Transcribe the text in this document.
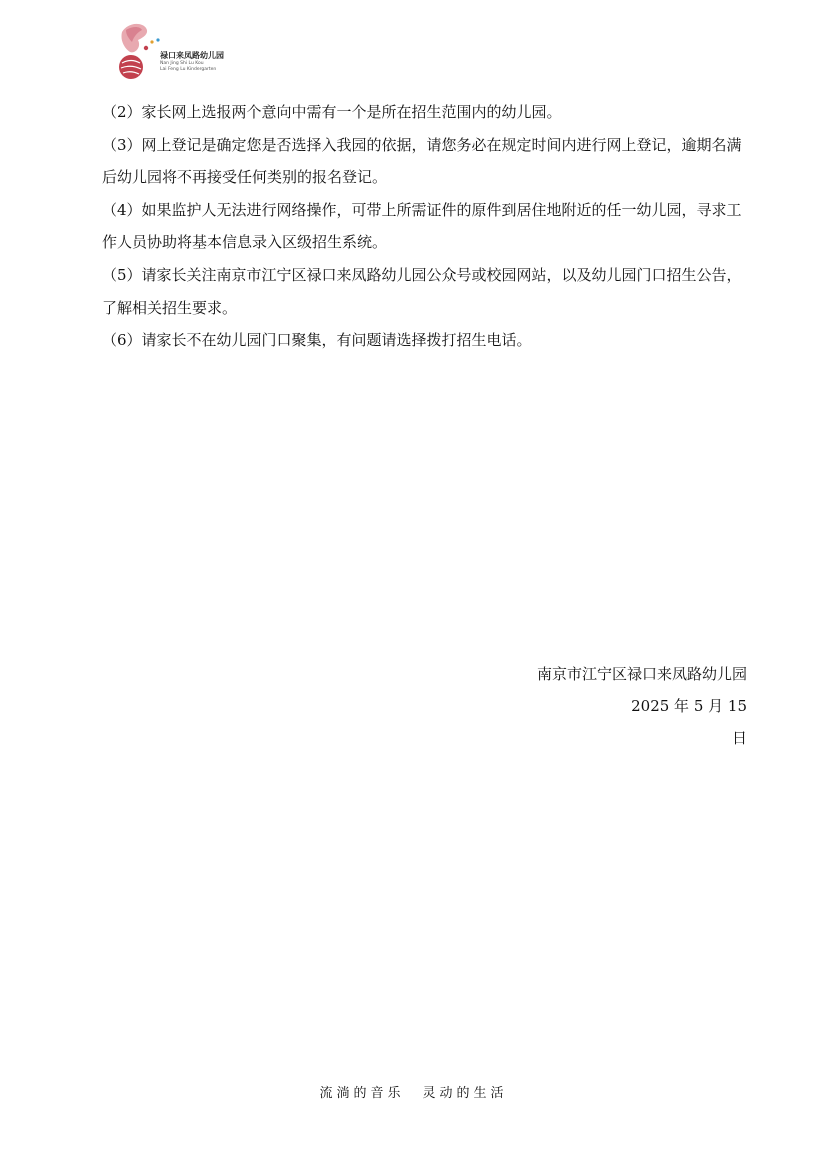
禄口来凤路幼儿园
Nan Jing Shi Lu Kou
Lai Feng Lu Kindergarten

（2）家长网上选报两个意向中需有一个是所在招生范围内的幼儿园。

（3）网上登记是确定您是否选择入我园的依据，请您务必在规定时间内进行网上登记，逾期名满后幼儿园将不再接受任何类别的报名登记。

（4）如果监护人无法进行网络操作，可带上所需证件的原件到居住地附近的任一幼儿园，寻求工作人员协助将基本信息录入区级招生系统。

（5）请家长关注南京市江宁区禄口来凤路幼儿园公众号或校园网站，以及幼儿园门口招生公告，了解相关招生要求。

（6）请家长不在幼儿园门口聚集，有问题请选择拨打招生电话。

南京市江宁区禄口来凤路幼儿园
2025 年 5 月 15
日
流淌的音乐 灵动的生活
